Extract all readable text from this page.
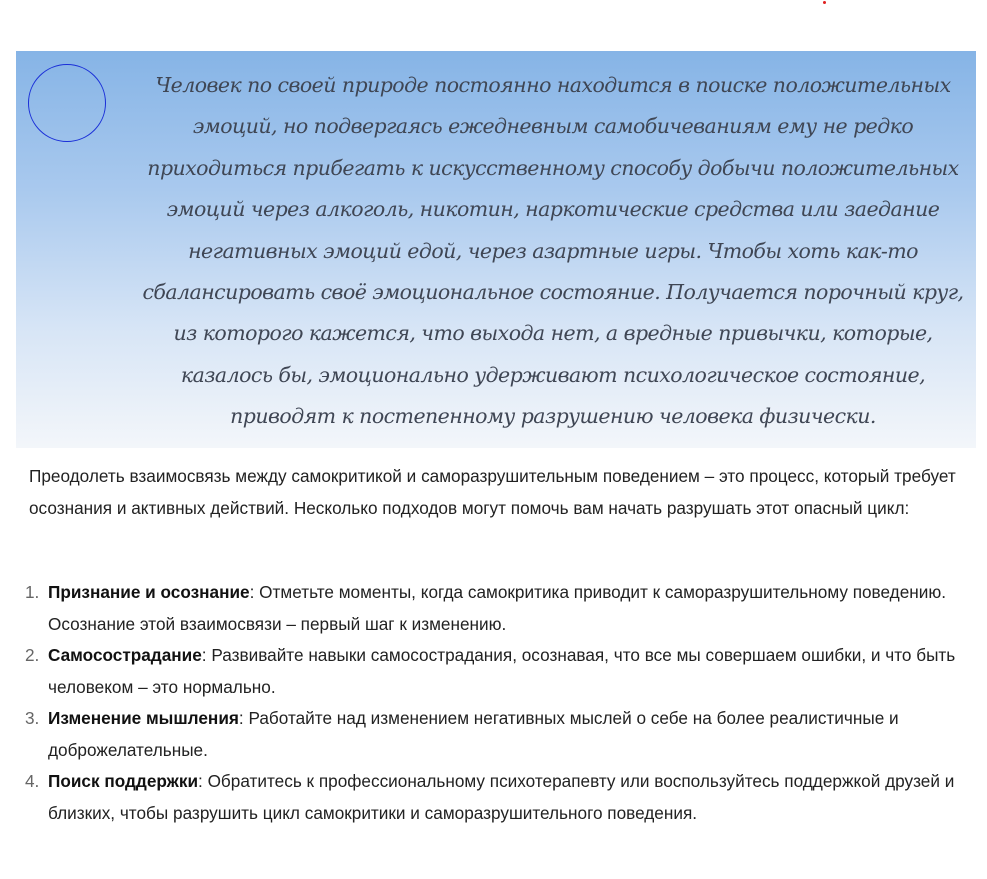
Человек по своей природе постоянно находится в поиске положительных эмоций, но подвергаясь ежедневным самобичеваниям ему не редко приходиться прибегать к искусственному способу добычи положительных эмоций через алкоголь, никотин, наркотические средства или заедание негативных эмоций едой, через азартные игры. Чтобы хоть как-то сбалансировать своё эмоциональное состояние. Получается порочный круг, из которого кажется, что выхода нет, а вредные привычки, которые, казалось бы, эмоционально удерживают психологическое состояние, приводят к постепенному разрушению человека физически.

Преодолеть взаимосвязь между самокритикой и саморазрушительным поведением – это процесс, который требует осознания и активных действий. Несколько подходов могут помочь вам начать разрушать этот опасный цикл:

1. Признание и осознание: Отметьте моменты, когда самокритика приводит к саморазрушительному поведению. Осознание этой взаимосвязи – первый шаг к изменению.
2. Самосострадание: Развивайте навыки самосострадания, осознавая, что все мы совершаем ошибки, и что быть человеком – это нормально.
3. Изменение мышления: Работайте над изменением негативных мыслей о себе на более реалистичные и доброжелательные.
4. Поиск поддержки: Обратитесь к профессиональному психотерапевту или воспользуйтесь поддержкой друзей и близких, чтобы разрушить цикл самокритики и саморазрушительного поведения.
